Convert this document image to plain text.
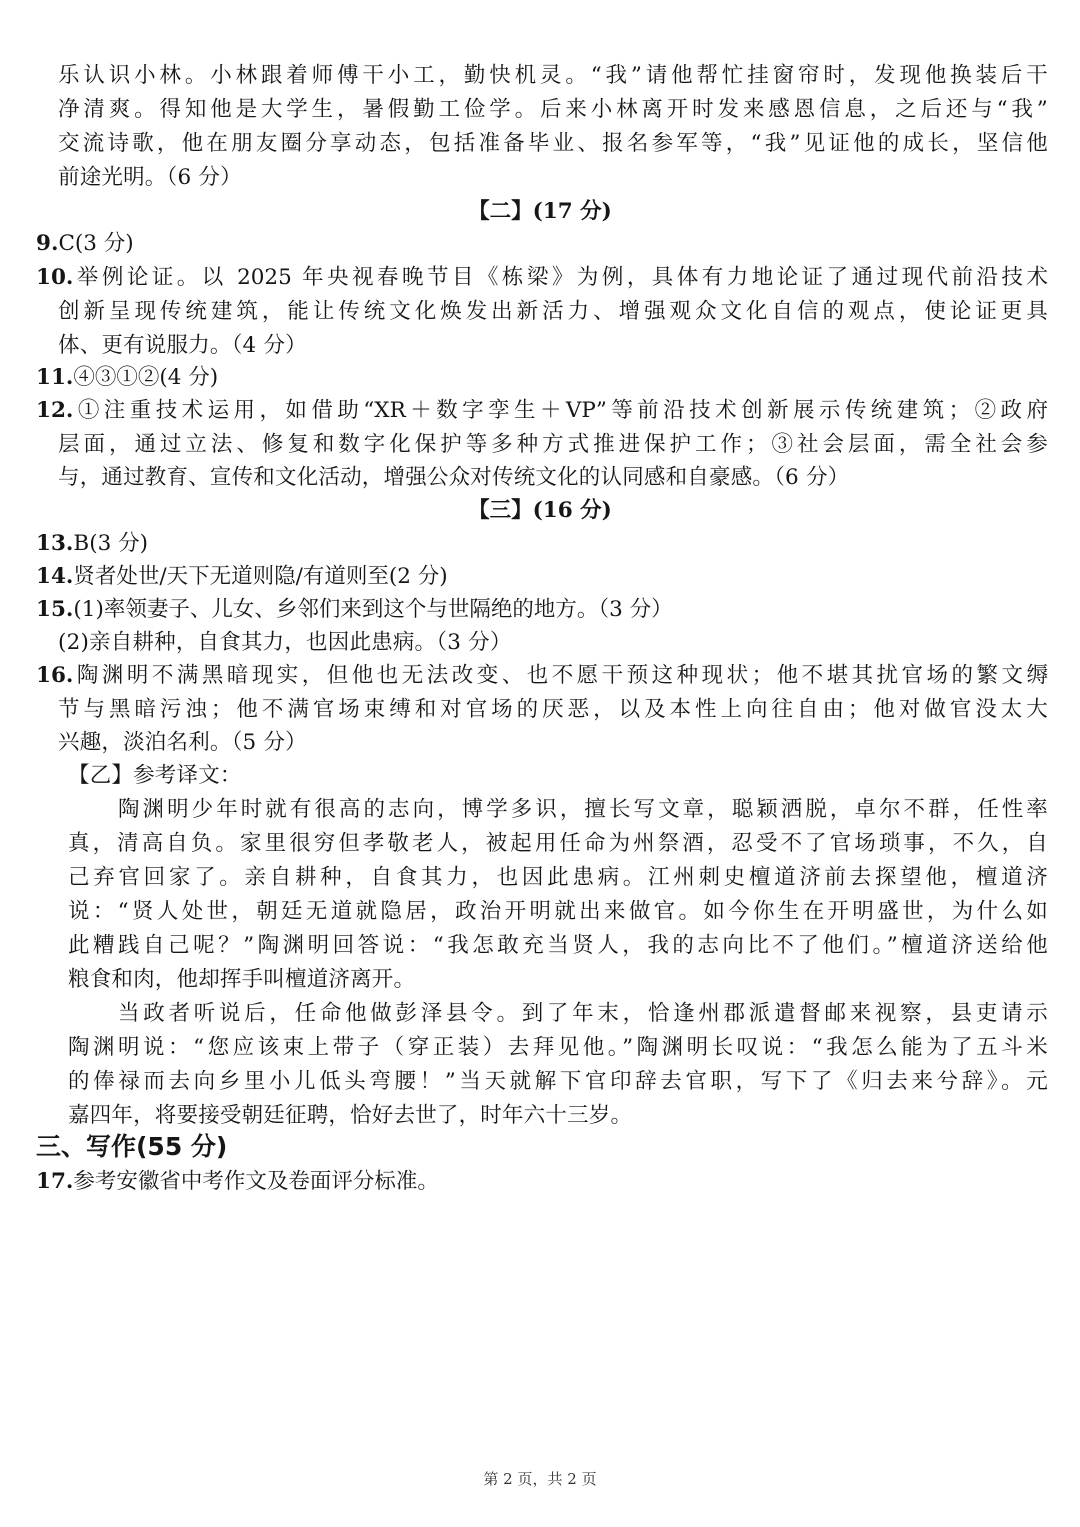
乐认识小林。小林跟着师傅干小工，勤快机灵。“我”请他帮忙挂窗帘时，发现他换装后干
净清爽。得知他是大学生，暑假勤工俭学。后来小林离开时发来感恩信息，之后还与“我”
交流诗歌，他在朋友圈分享动态，包括准备毕业、报名参军等，“我”见证他的成长，坚信他
前途光明。（6 分）
【二】(17 分)
9.C(3 分)
10.举例论证。以 2025 年央视春晚节目《栋梁》为例，具体有力地论证了通过现代前沿技术
创新呈现传统建筑，能让传统文化焕发出新活力、增强观众文化自信的观点，使论证更具
体、更有说服力。（4 分）
11.④③①②(4 分)
12.①注重技术运用，如借助“XR＋数字孪生＋VP”等前沿技术创新展示传统建筑；②政府
层面，通过立法、修复和数字化保护等多种方式推进保护工作；③社会层面，需全社会参
与，通过教育、宣传和文化活动，增强公众对传统文化的认同感和自豪感。（6 分）
【三】(16 分)
13.B(3 分)
14.贤者处世/天下无道则隐/有道则至(2 分)
15.(1)率领妻子、儿女、乡邻们来到这个与世隔绝的地方。（3 分）
(2)亲自耕种，自食其力，也因此患病。（3 分）
16.陶渊明不满黑暗现实，但他也无法改变、也不愿干预这种现状；他不堪其扰官场的繁文缛
节与黑暗污浊；他不满官场束缚和对官场的厌恶，以及本性上向往自由；他对做官没太大
兴趣，淡泊名利。（5 分）
【乙】参考译文：
陶渊明少年时就有很高的志向，博学多识，擅长写文章，聪颖洒脱，卓尔不群，任性率
真，清高自负。家里很穷但孝敬老人，被起用任命为州祭酒，忍受不了官场琐事，不久，自
己弃官回家了。亲自耕种，自食其力，也因此患病。江州刺史檀道济前去探望他，檀道济
说：“贤人处世，朝廷无道就隐居，政治开明就出来做官。如今你生在开明盛世，为什么如
此糟践自己呢？”陶渊明回答说：“我怎敢充当贤人，我的志向比不了他们。”檀道济送给他
粮食和肉，他却挥手叫檀道济离开。
当政者听说后，任命他做彭泽县令。到了年末，恰逢州郡派遣督邮来视察，县吏请示
陶渊明说：“您应该束上带子（穿正装）去拜见他。”陶渊明长叹说：“我怎么能为了五斗米
的俸禄而去向乡里小儿低头弯腰！”当天就解下官印辞去官职，写下了《归去来兮辞》。元
嘉四年，将要接受朝廷征聘，恰好去世了，时年六十三岁。
三、写作(55 分)
17.参考安徽省中考作文及卷面评分标准。
第 2 页，共 2 页
